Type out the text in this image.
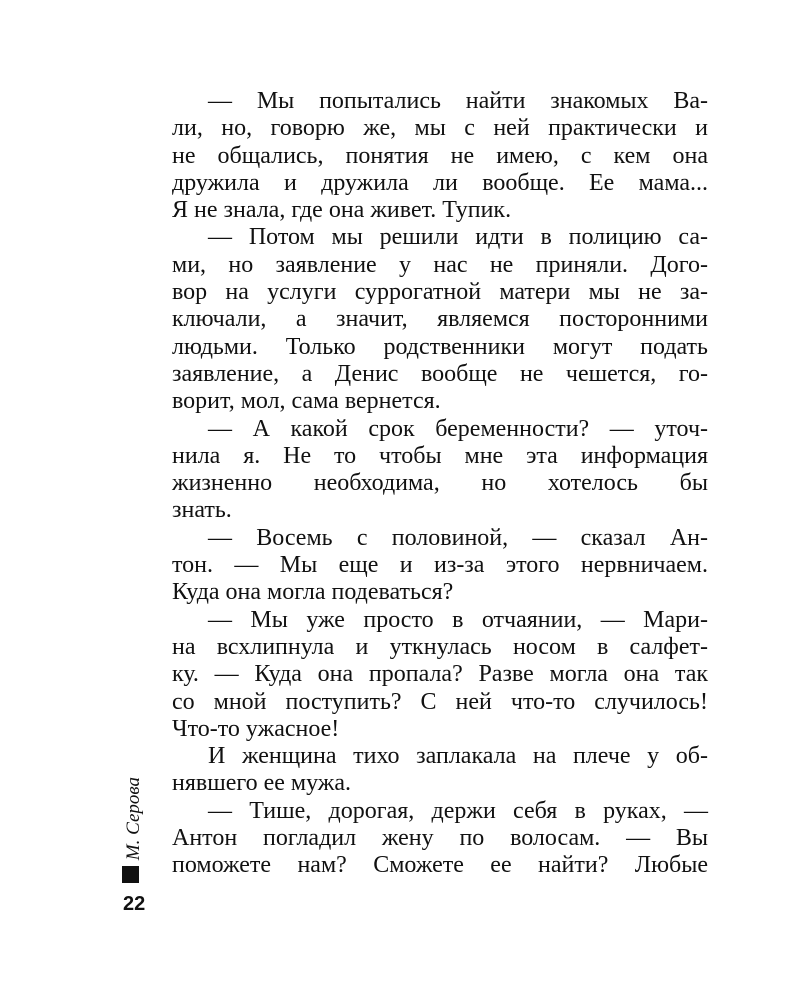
— Мы попытались найти знакомых Ва-
ли, но, говорю же, мы с ней практически и
не общались, понятия не имею, с кем она
дружила и дружила ли вообще. Ее мама...
Я не знала, где она живет. Тупик.
— Потом мы решили идти в полицию са-
ми, но заявление у нас не приняли. Дого-
вор на услуги суррогатной матери мы не за-
ключали, а значит, являемся посторонними
людьми. Только родственники могут подать
заявление, а Денис вообще не чешется, го-
ворит, мол, сама вернется.
— А какой срок беременности? — уточ-
нила я. Не то чтобы мне эта информация
жизненно необходима, но хотелось бы
знать.
— Восемь с половиной, — сказал Ан-
тон. — Мы еще и из-за этого нервничаем.
Куда она могла подеваться?
— Мы уже просто в отчаянии, — Мари-
на всхлипнула и уткнулась носом в салфет-
ку. — Куда она пропала? Разве могла она так
со мной поступить? С ней что-то случилось!
Что-то ужасное!
И женщина тихо заплакала на плече у об-
нявшего ее мужа.
— Тише, дорогая, держи себя в руках, —
Антон погладил жену по волосам. — Вы
поможете нам? Сможете ее найти? Любые
М. Серова
22
